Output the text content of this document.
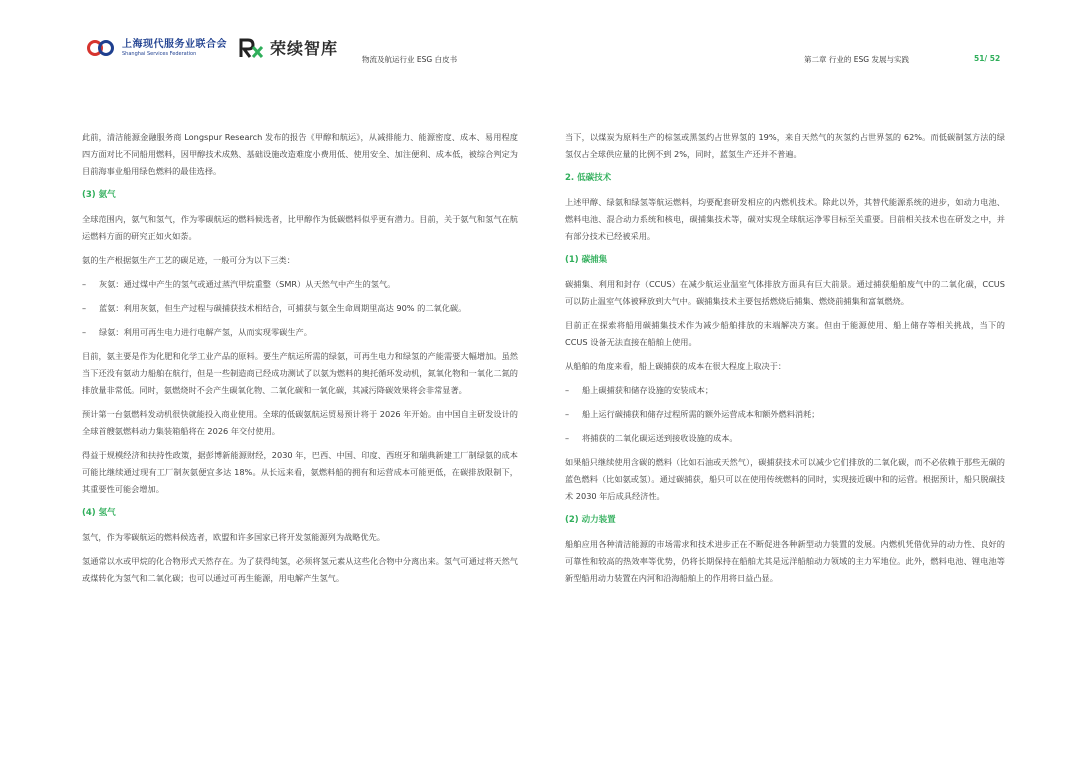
上海现代服务业联合会
Shanghai Services Federation	荣续智库
物流及航运行业 ESG 白皮书	第二章 行业的 ESG 发展与实践	51/ 52

此前，清洁能源金融服务商 Longspur Research 发布的报告《甲醇和航运》，从减排能力、能源密度、成本、易用程度四方面对比不同船用燃料，因甲醇技术成熟、基础设施改造难度小费用低、使用安全、加注便利、成本低，被综合判定为目前海事业船用绿色燃料的最佳选择。

(3) 氨气

全球范围内，氨气和氢气，作为零碳航运的燃料候选者，比甲醇作为低碳燃料似乎更有潜力。目前，关于氨气和氢气在航运燃料方面的研究正如火如荼。

氨的生产根据氨生产工艺的碳足迹，一般可分为以下三类：

–	灰氨：通过煤中产生的氢气或通过蒸汽甲烷重整（SMR）从天然气中产生的氢气。
–	蓝氨：利用灰氨，但生产过程与碳捕获技术相结合，可捕获与氨全生命周期里高达 90% 的二氧化碳。
–	绿氨：利用可再生电力进行电解产氢，从而实现零碳生产。

目前，氨主要是作为化肥和化学工业产品的原料。要生产航运所需的绿氨，可再生电力和绿氢的产能需要大幅增加。虽然当下还没有氨动力船舶在航行，但是一些制造商已经成功测试了以氨为燃料的奥托循环发动机，氮氧化物和一氧化二氮的排放量非常低。同时，氨燃烧时不会产生碳氧化物、二氧化碳和一氧化碳，其减污降碳效果将会非常显著。

预计第一台氨燃料发动机很快就能投入商业使用。全球的低碳氨航运贸易预计将于 2026 年开始。由中国自主研发设计的全球首艘氨燃料动力集装箱船将在 2026 年交付使用。

得益于规模经济和扶持性政策，据彭博新能源财经，2030 年，巴西、中国、印度、西班牙和瑞典新建工厂制绿氨的成本可能比继续通过现有工厂制灰氨便宜多达 18%。从长远来看，氨燃料船的拥有和运营成本可能更低，在碳排放限制下，其重要性可能会增加。

(4) 氢气

氢气，作为零碳航运的燃料候选者，欧盟和许多国家已将开发氢能源列为战略优先。

氢通常以水或甲烷的化合物形式天然存在。为了获得纯氢，必须将氢元素从这些化合物中分离出来。氢气可通过将天然气或煤转化为氢气和二氧化碳；也可以通过可再生能源，用电解产生氢气。

当下，以煤炭为原料生产的棕氢或黑氢约占世界氢的 19%，来自天然气的灰氢约占世界氢的 62%。而低碳制氢方法的绿氢仅占全球供应量的比例不到 2%，同时，蓝氢生产还并不普遍。

2. 低碳技术

上述甲醇、绿氨和绿氢等航运燃料，均要配套研发相应的内燃机技术。除此以外，其替代能源系统的进步，如动力电池、燃料电池、混合动力系统和核电，碳捕集技术等，碳对实现全球航运净零目标至关重要。目前相关技术也在研发之中，并有部分技术已经被采用。

(1) 碳捕集

碳捕集、利用和封存（CCUS）在减少航运业温室气体排放方面具有巨大前景。通过捕获船舶废气中的二氧化碳，CCUS 可以防止温室气体被释放到大气中。碳捕集技术主要包括燃烧后捕集、燃烧前捕集和富氧燃烧。

目前正在探索将船用碳捕集技术作为减少船舶排放的末端解决方案。但由于能源使用、船上储存等相关挑战，当下的 CCUS 设备无法直接在船舶上使用。

从船舶的角度来看，船上碳捕获的成本在很大程度上取决于：

–	船上碳捕获和储存设施的安装成本；
–	船上运行碳捕获和储存过程所需的额外运营成本和额外燃料消耗；
–	将捕获的二氧化碳运送到接收设施的成本。

如果船只继续使用含碳的燃料（比如石油或天然气），碳捕获技术可以减少它们排放的二氧化碳，而不必依赖于那些无碳的蓝色燃料（比如氨或氢）。通过碳捕获，船只可以在使用传统燃料的同时，实现接近碳中和的运营。根据预计，船只脱碳技术 2030 年后成具经济性。

(2) 动力装置

船舶应用各种清洁能源的市场需求和技术进步正在不断促进各种新型动力装置的发展。内燃机凭借优异的动力性、良好的可靠性和较高的热效率等优势，仍将长期保持在船舶尤其是远洋船舶动力领域的主力军地位。此外，燃料电池、锂电池等新型船用动力装置在内河和沿海船舶上的作用将日益凸显。
